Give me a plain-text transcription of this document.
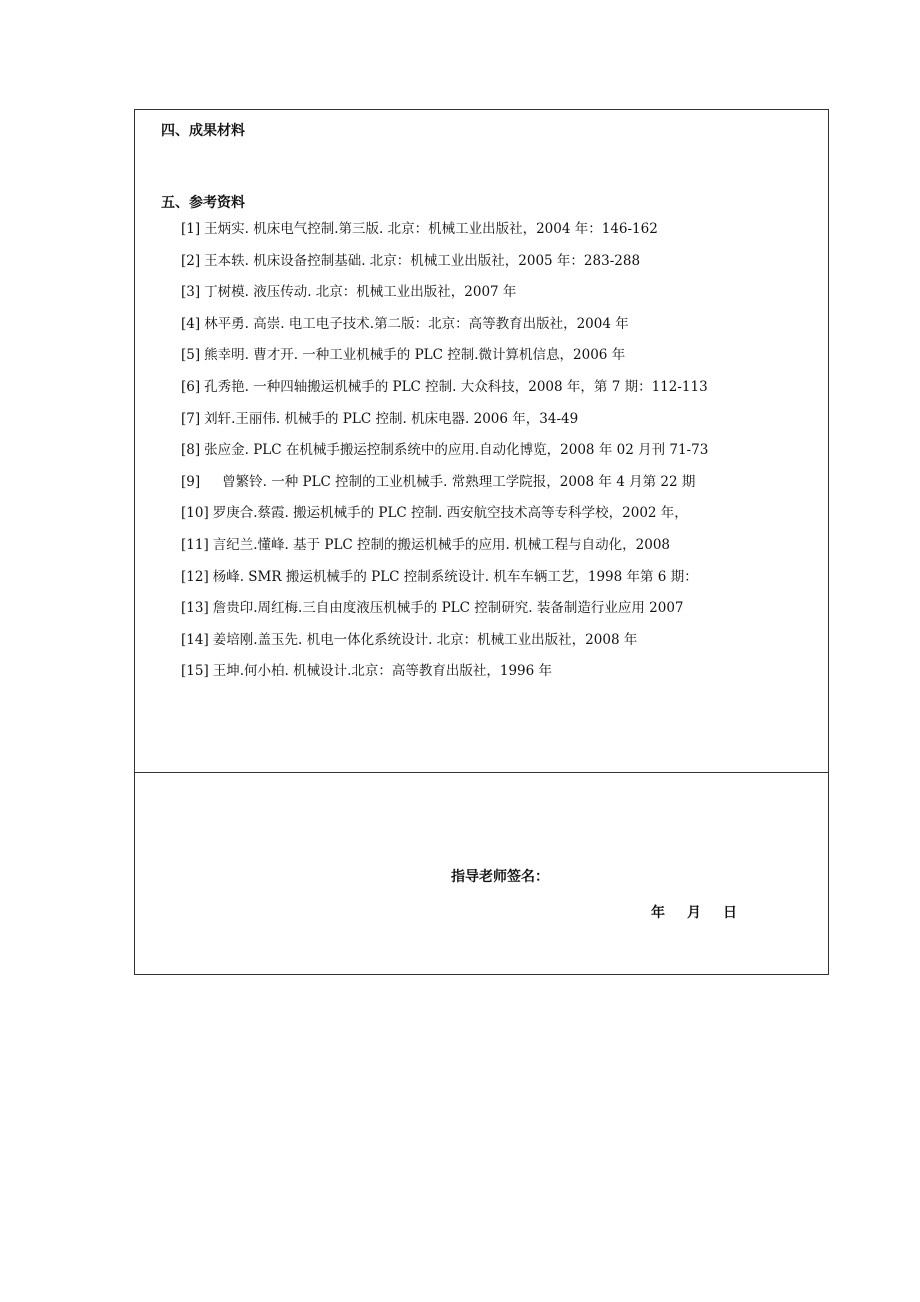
四、成果材料
五、参考资料
[1] 王炳实. 机床电气控制.第三版. 北京：机械工业出版社，2004 年：146-162
[2] 王本轶. 机床设备控制基础. 北京：机械工业出版社，2005 年：283-288
[3] 丁树模. 液压传动. 北京：机械工业出版社，2007 年
[4] 林平勇. 高崇. 电工电子技术.第二版：北京：高等教育出版社，2004 年
[5] 熊幸明. 曹才开. 一种工业机械手的 PLC 控制.微计算机信息，2006 年
[6] 孔秀艳. 一种四轴搬运机械手的 PLC 控制. 大众科技，2008 年，第 7 期：112-113
[7] 刘轩.王丽伟. 机械手的 PLC 控制. 机床电器. 2006 年，34-49
[8] 张应金. PLC 在机械手搬运控制系统中的应用.自动化博览，2008 年 02 月刊 71-73
[9] 曾繁铃. 一种 PLC 控制的工业机械手. 常熟理工学院报，2008 年 4 月第 22 期
[10] 罗庚合.蔡霞. 搬运机械手的 PLC 控制. 西安航空技术高等专科学校，2002 年，
[11] 言纪兰.懂峰. 基于 PLC 控制的搬运机械手的应用. 机械工程与自动化，2008
[12] 杨峰. SMR 搬运机械手的 PLC 控制系统设计. 机车车辆工艺，1998 年第 6 期：
[13] 詹贵印.周红梅.三自由度液压机械手的 PLC 控制研究. 装备制造行业应用 2007
[14] 姜培刚.盖玉先. 机电一体化系统设计. 北京：机械工业出版社，2008 年
[15] 王坤.何小柏. 机械设计.北京：高等教育出版社，1996 年
指导老师签名：
年 月 日
